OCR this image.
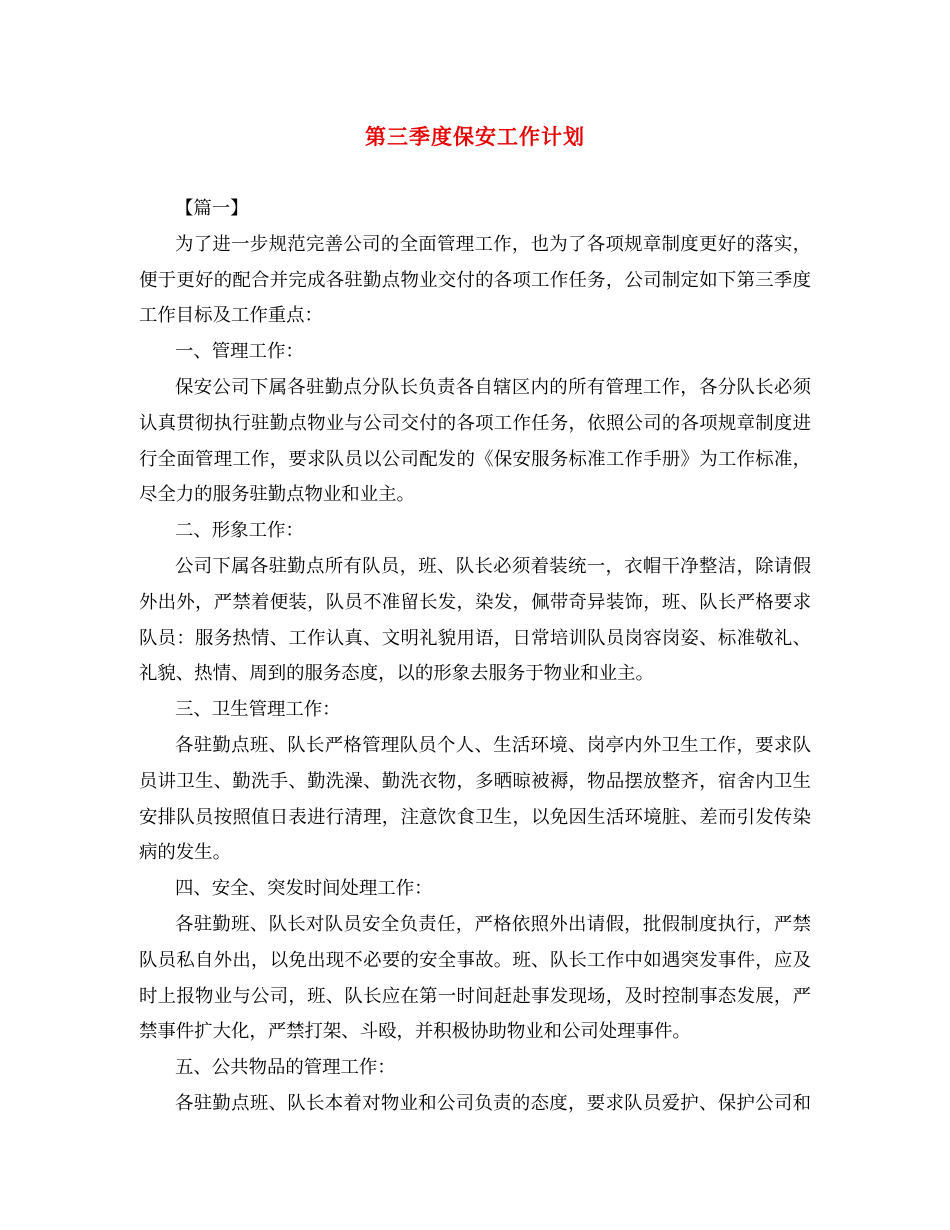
第三季度保安工作计划
【篇一】
为了进一步规范完善公司的全面管理工作，也为了各项规章制度更好的落实，
便于更好的配合并完成各驻勤点物业交付的各项工作任务，公司制定如下第三季度
工作目标及工作重点：
一、管理工作：
保安公司下属各驻勤点分队长负责各自辖区内的所有管理工作，各分队长必须
认真贯彻执行驻勤点物业与公司交付的各项工作任务，依照公司的各项规章制度进
行全面管理工作，要求队员以公司配发的《保安服务标准工作手册》为工作标准，
尽全力的服务驻勤点物业和业主。
二、形象工作：
公司下属各驻勤点所有队员，班、队长必须着装统一，衣帽干净整洁，除请假
外出外，严禁着便装，队员不准留长发，染发，佩带奇异装饰，班、队长严格要求
队员：服务热情、工作认真、文明礼貌用语，日常培训队员岗容岗姿、标准敬礼、
礼貌、热情、周到的服务态度，以的形象去服务于物业和业主。
三、卫生管理工作：
各驻勤点班、队长严格管理队员个人、生活环境、岗亭内外卫生工作，要求队
员讲卫生、勤洗手、勤洗澡、勤洗衣物，多晒晾被褥，物品摆放整齐，宿舍内卫生
安排队员按照值日表进行清理，注意饮食卫生，以免因生活环境脏、差而引发传染
病的发生。
四、安全、突发时间处理工作：
各驻勤班、队长对队员安全负责任，严格依照外出请假，批假制度执行，严禁
队员私自外出，以免出现不必要的安全事故。班、队长工作中如遇突发事件，应及
时上报物业与公司，班、队长应在第一时间赶赴事发现场，及时控制事态发展，严
禁事件扩大化，严禁打架、斗殴，并积极协助物业和公司处理事件。
五、公共物品的管理工作：
各驻勤点班、队长本着对物业和公司负责的态度，要求队员爱护、保护公司和
